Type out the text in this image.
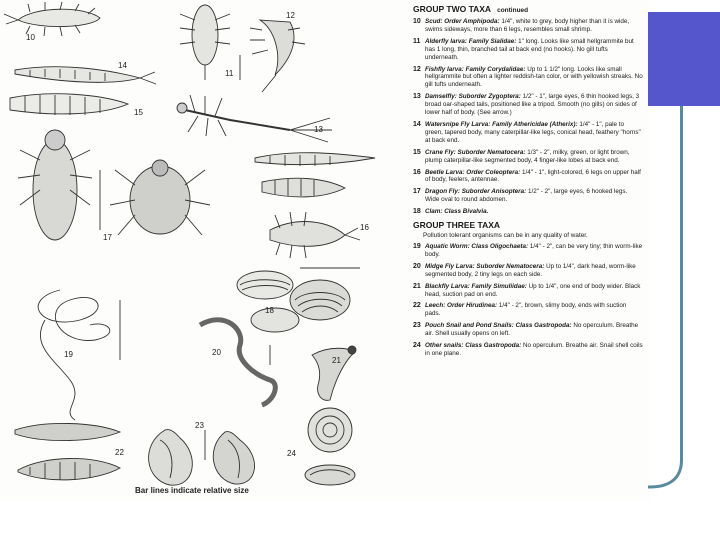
10
11
12
13
14
15
16
17
18
19	20
21
22
23
24
Bar lines indicate relative size
GROUP TWO TAXA continued
10 Scud: Order Amphipoda: 1/4", white to grey, body higher than it is wide, swims sideways, more than 6 legs, resembles small shrimp.
11 Alderfly larva: Family Sialidae: 1" long. Looks like small hellgrammite but has 1 long, thin, branched tail at back end (no hooks). No gill tufts underneath.
12 Fishfly larva: Family Corydalidae: Up to 1 1/2" long. Looks like small hellgrammite but often a lighter reddish-tan color, or with yellowish streaks. No gill tufts underneath.
13 Damselfly: Suborder Zygoptera: 1/2" - 1", large eyes, 6 thin hooked legs, 3 broad oar-shaped tails, positioned like a tripod. Smooth (no gills) on sides of lower half of body. (See arrow.)
14 Watersnipe Fly Larva: Family Athericidae (Atherix): 1/4" - 1", pale to green, tapered body, many caterpillar-like legs, conical head, feathery "horns" at back end.
15 Crane Fly: Suborder Nematocera: 1/3" - 2", milky, green, or light brown, plump caterpillar-like segmented body, 4 finger-like lobes at back end.
16 Beetle Larva: Order Coleoptera: 1/4" - 1", light-colored, 6 legs on upper half of body, feelers, antennae.
17 Dragon Fly: Suborder Anisoptera: 1/2" - 2", large eyes, 6 hooked legs. Wide oval to round abdomen.
18 Clam: Class Bivalvia.
GROUP THREE TAXA
Pollution tolerant organisms can be in any quality of water.
19 Aquatic Worm: Class Oligochaeta: 1/4" - 2", can be very tiny; thin worm-like body.
20 Midge Fly Larva: Suborder Nematocera: Up to 1/4", dark head, worm-like segmented body, 2 tiny legs on each side.
21 Blackfly Larva: Family Simuliidae: Up to 1/4", one end of body wider. Black head, suction pad on end.
22 Leech: Order Hirudinea: 1/4" - 2", brown, slimy body, ends with suction pads.
23 Pouch Snail and Pond Snails: Class Gastropoda: No operculum. Breathe air. Shell usually opens on left.
24 Other snails: Class Gastropoda: No operculum. Breathe air. Snail shell coils in one plane.
